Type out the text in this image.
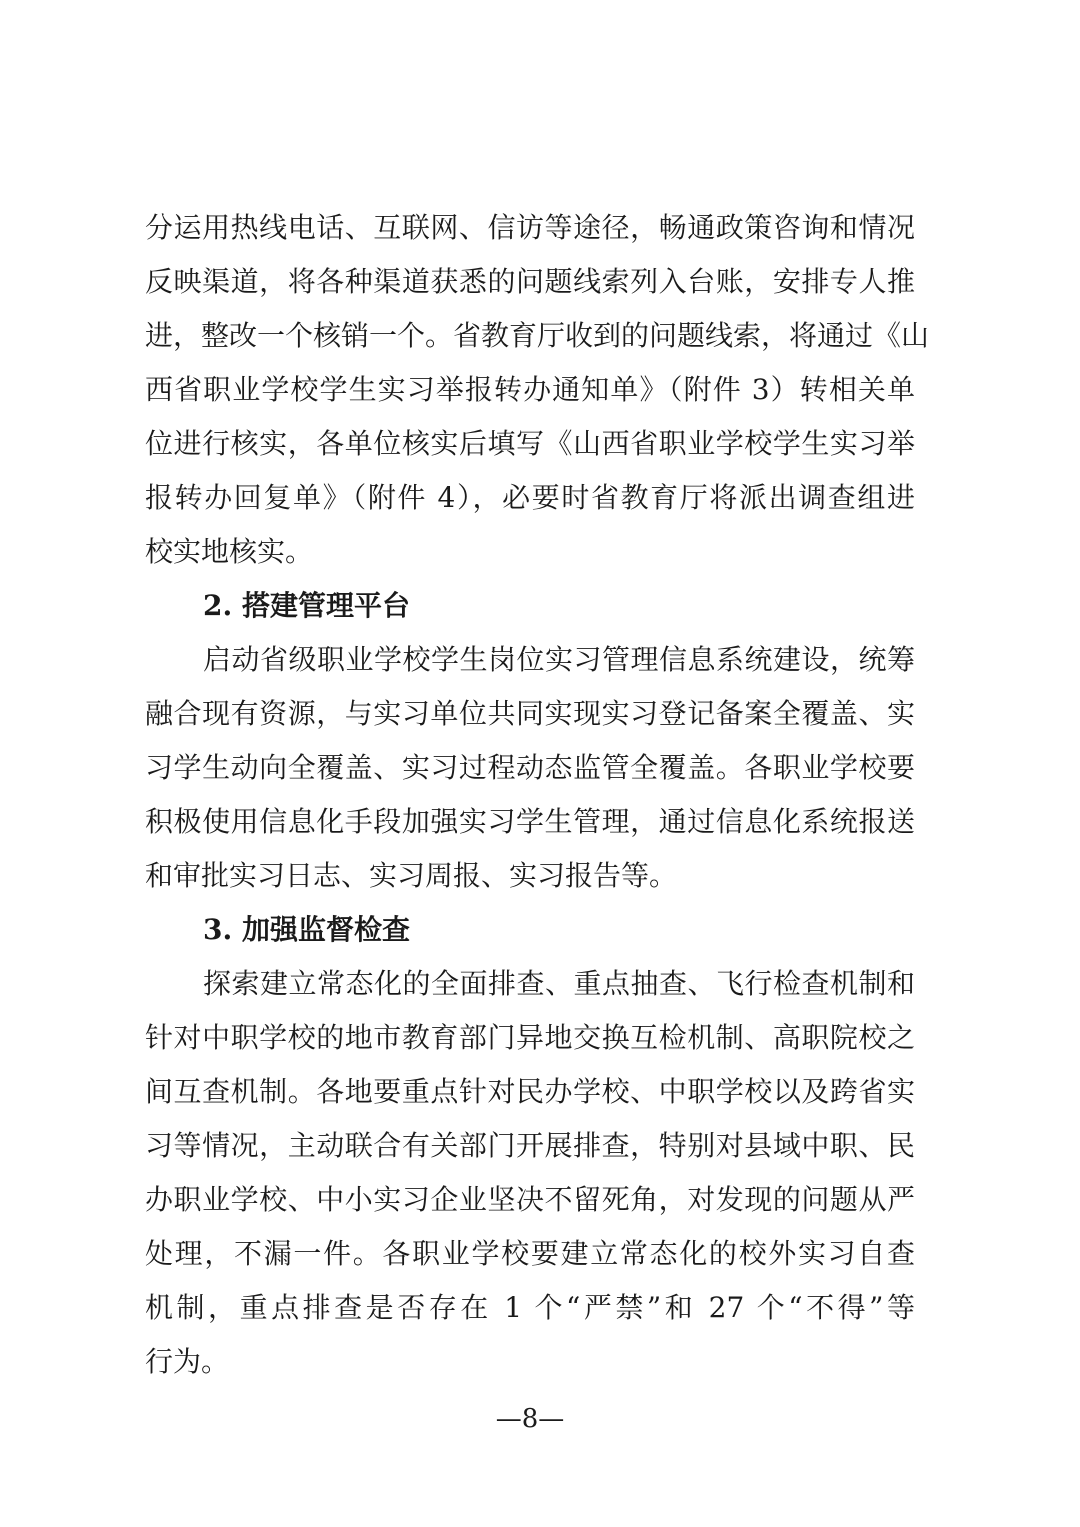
分运用热线电话、互联网、信访等途径，畅通政策咨询和情况
反映渠道，将各种渠道获悉的问题线索列入台账，安排专人推
进，整改一个核销一个。省教育厅收到的问题线索，将通过《山
西省职业学校学生实习举报转办通知单》（附件 3）转相关单
位进行核实，各单位核实后填写《山西省职业学校学生实习举
报转办回复单》（附件 4），必要时省教育厅将派出调查组进
校实地核实。
2. 搭建管理平台
启动省级职业学校学生岗位实习管理信息系统建设，统筹
融合现有资源，与实习单位共同实现实习登记备案全覆盖、实
习学生动向全覆盖、实习过程动态监管全覆盖。各职业学校要
积极使用信息化手段加强实习学生管理，通过信息化系统报送
和审批实习日志、实习周报、实习报告等。
3. 加强监督检查
探索建立常态化的全面排查、重点抽查、飞行检查机制和
针对中职学校的地市教育部门异地交换互检机制、高职院校之
间互查机制。各地要重点针对民办学校、中职学校以及跨省实
习等情况，主动联合有关部门开展排查，特别对县域中职、民
办职业学校、中小实习企业坚决不留死角，对发现的问题从严
处理，不漏一件。各职业学校要建立常态化的校外实习自查
机制，重点排查是否存在 1 个“严禁”和 27 个“不得”等
行为。
—8—
